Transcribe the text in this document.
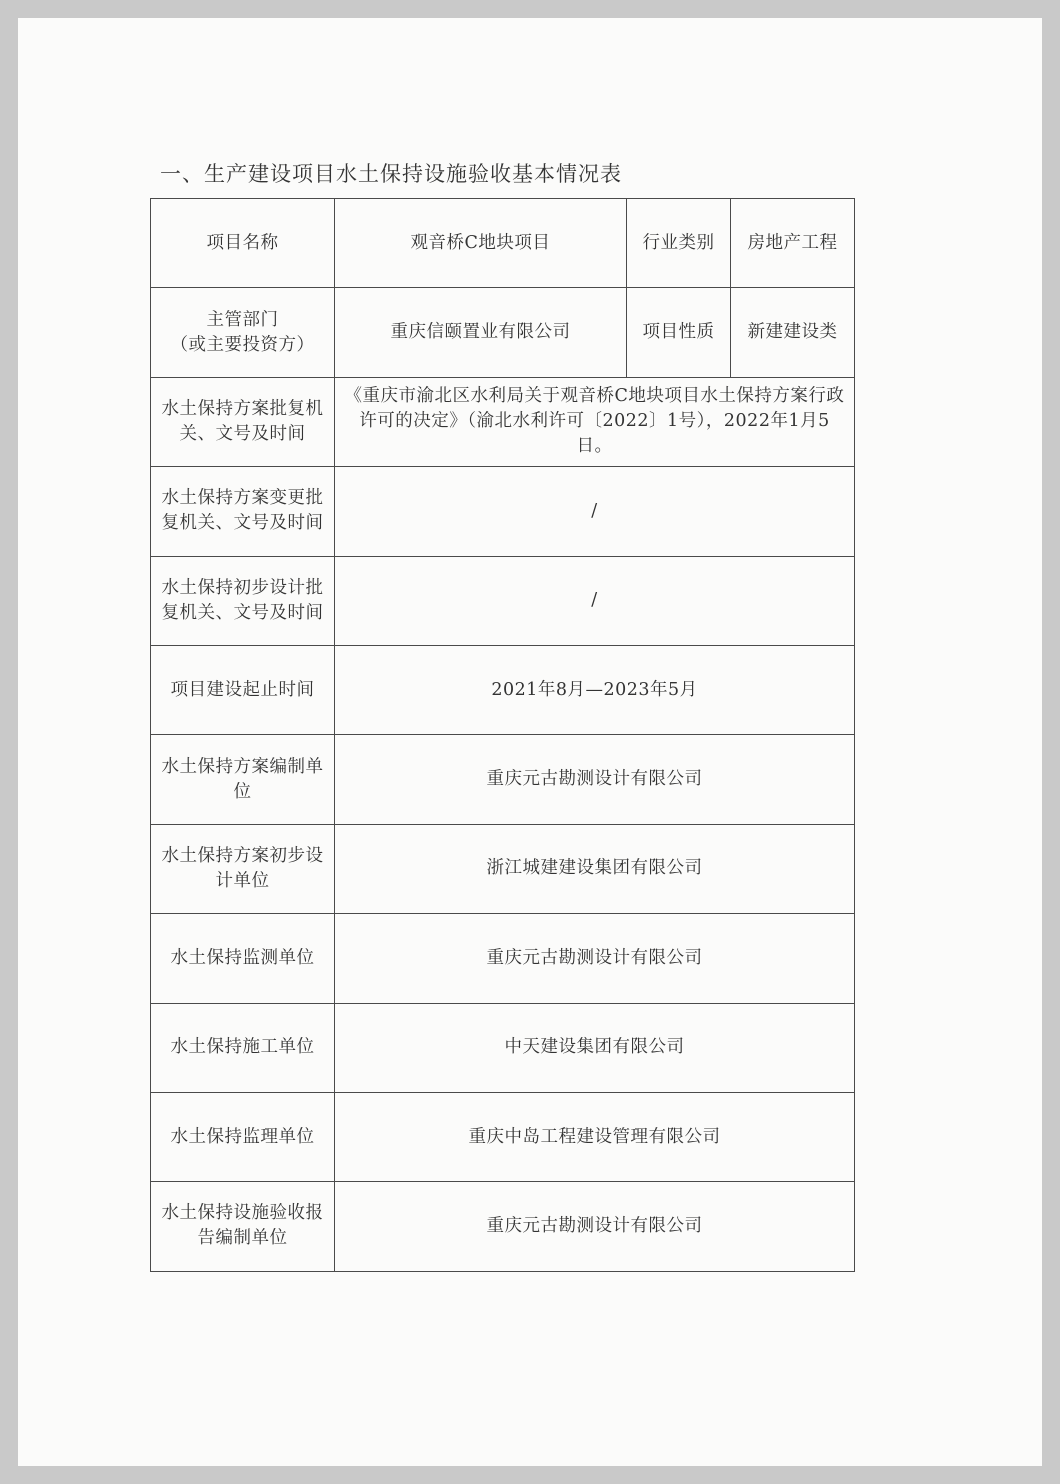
一、生产建设项目水土保持设施验收基本情况表
项目名称	观音桥C地块项目	行业类别	房地产工程

主管部门
（或主要投资方）	重庆信颐置业有限公司	项目性质	新建建设类
水土保持方案批复机关、文号及时间	《重庆市渝北区水利局关于观音桥C地块项目水土保持方案行政许可的决定》（渝北水利许可〔2022〕1号），2022年1月5日。		
水土保持方案变更批复机关、文号及时间	/		
水土保持初步设计批复机关、文号及时间	/		
项目建设起止时间	2021年8月—2023年5月		
水土保持方案编制单位	重庆元古勘测设计有限公司		
水土保持方案初步设计单位	浙江城建建设集团有限公司		
水土保持监测单位	重庆元古勘测设计有限公司		
水土保持施工单位	中天建设集团有限公司		
水土保持监理单位	重庆中岛工程建设管理有限公司		
水土保持设施验收报告编制单位	重庆元古勘测设计有限公司		
